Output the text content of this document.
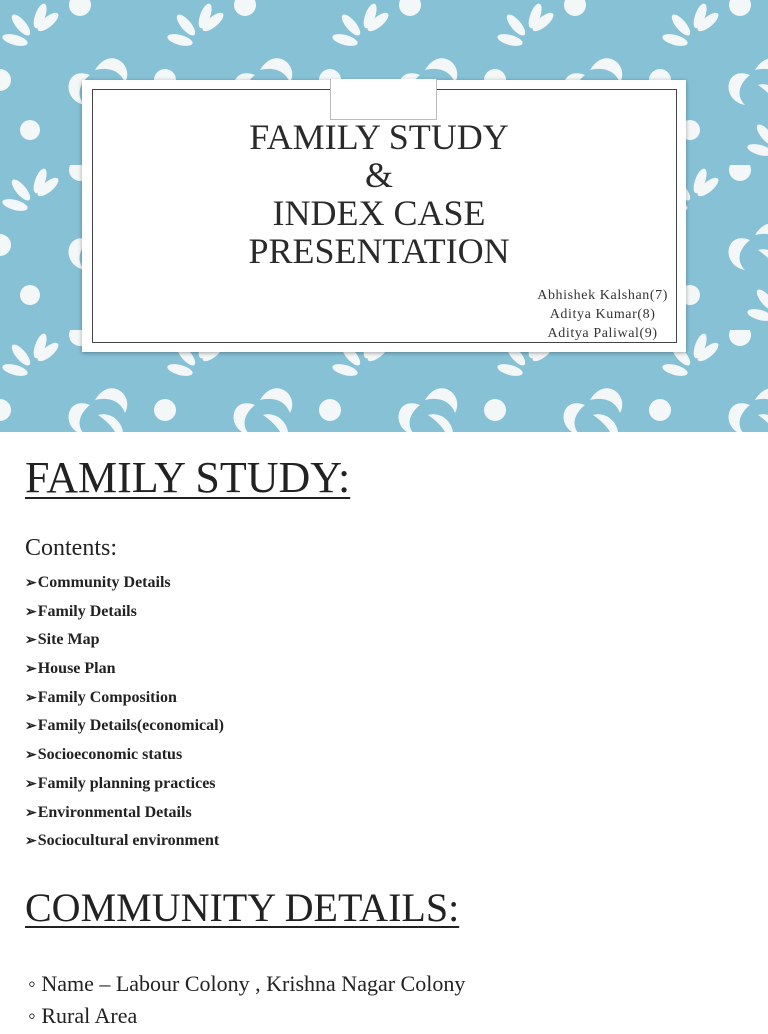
FAMILY STUDY
&
INDEX CASE
PRESENTATION
Abhishek Kalshan(7)
Aditya Kumar(8)
Aditya Paliwal(9)
FAMILY STUDY:
Contents:
➢Community Details
➢Family Details
➢Site Map
➢House Plan
➢Family Composition
➢Family Details(economical)
➢Socioeconomic status
➢Family planning practices
➢Environmental Details
➢Sociocultural environment
COMMUNITY DETAILS:
◦ Name – Labour Colony , Krishna Nagar Colony
◦ Rural Area
